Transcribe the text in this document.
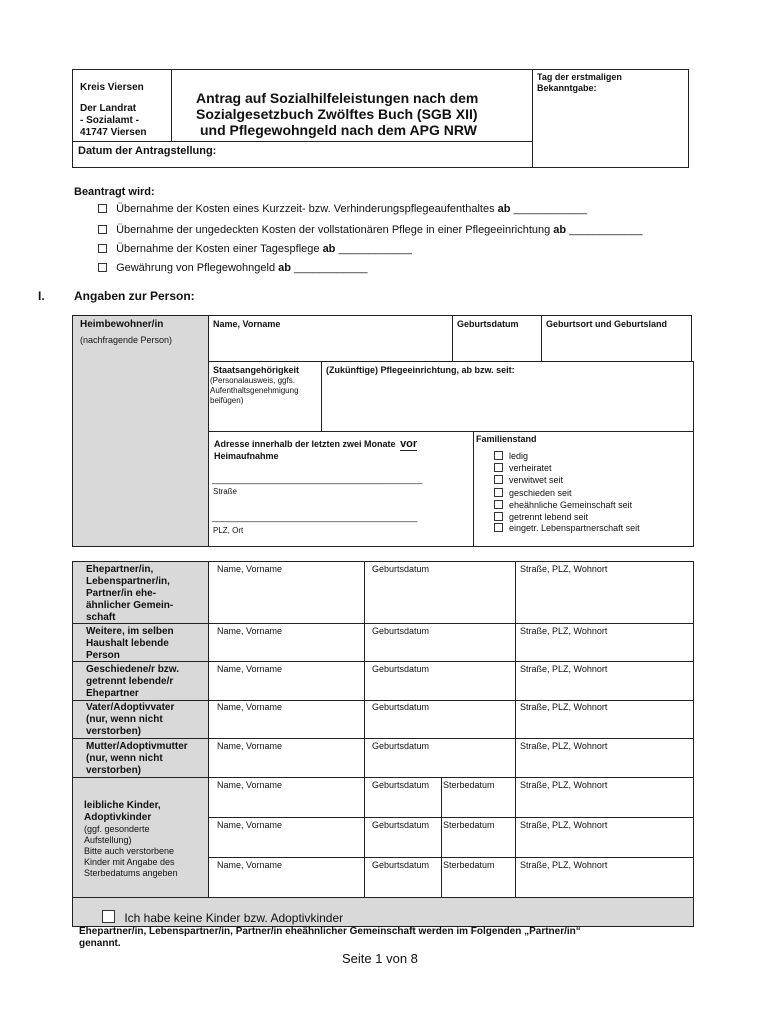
Kreis Viersen
Der Landrat
- Sozialamt -
41747 Viersen
Antrag auf Sozialhilfeleistungen nach dem
Sozialgesetzbuch Zwölftes Buch (SGB XII)
und Pflegewohngeld nach dem APG NRW
Tag der erstmaligen
Bekanntgabe:
Datum der Antragstellung:
Beantragt wird:
Übernahme der Kosten eines Kurzzeit- bzw. Verhinderungspflegeaufenthaltes ab ____________
Übernahme der ungedeckten Kosten der vollstationären Pflege in einer Pflegeeinrichtung ab ____________
Übernahme der Kosten einer Tagespflege ab ____________
Gewährung von Pflegewohngeld ab ____________
I. Angaben zur Person:
Heimbewohner/in
(nachfragende Person)
Name, Vorname	Geburtsdatum	Geburtsort und Geburtsland
Staatsangehörigkeit
(Personalausweis, ggfs.
Aufenthaltsgenehmigung
beifügen)
(Zukünftige) Pflegeeinrichtung, ab bzw. seit:
Adresse innerhalb der letzten zwei Monate vor
Heimaufnahme
__________________________________________
Straße
_________________________________________
PLZ, Ort
Familienstand
ledig
verheiratet
verwitwet seit
geschieden seit
eheähnliche Gemeinschaft seit
getrennt lebend seit
eingetr. Lebenspartnerschaft seit
Ehepartner/in,
Lebenspartner/in,
Partner/in ehe-
ähnlicher Gemein-
schaft
Name, Vorname	Geburtsdatum	Straße, PLZ, Wohnort
Weitere, im selben
Haushalt lebende
Person
Name, Vorname	Geburtsdatum	Straße, PLZ, Wohnort
Geschiedene/r bzw.
getrennt lebende/r
Ehepartner
Name, Vorname	Geburtsdatum	Straße, PLZ, Wohnort
Vater/Adoptivvater
(nur, wenn nicht
verstorben)
Name, Vorname	Geburtsdatum	Straße, PLZ, Wohnort
Mutter/Adoptivmutter
(nur, wenn nicht
verstorben)
Name, Vorname	Geburtsdatum	Straße, PLZ, Wohnort
leibliche Kinder,
Adoptivkinder
(ggf. gesonderte
Aufstellung)
Bitte auch verstorbene
Kinder mit Angabe des
Sterbedatums angeben
Name, Vorname	Geburtsdatum Sterbedatum	Straße, PLZ, Wohnort
Name, Vorname	Geburtsdatum Sterbedatum	Straße, PLZ, Wohnort
Name, Vorname	Geburtsdatum Sterbedatum	Straße, PLZ, Wohnort
Ich habe keine Kinder bzw. Adoptivkinder
Ehepartner/in, Lebenspartner/in, Partner/in eheähnlicher Gemeinschaft werden im Folgenden „Partner/in“
genannt.
Seite 1 von 8
